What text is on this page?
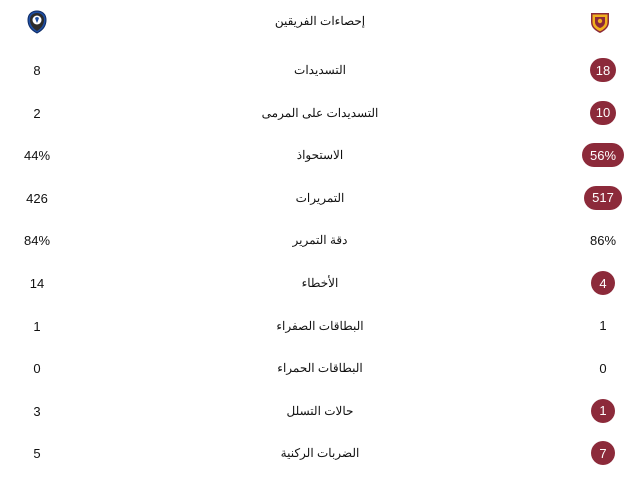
إحصاءات الفريقين
8	التسديدات	18
2	التسديدات على المرمى	10
44%	الاستحواذ	56%
426	التمريرات	517
84%	دقة التمرير	86%
14	الأخطاء	4
1	البطاقات الصفراء	1
0	البطاقات الحمراء	0
3	حالات التسلل	1
5	الضربات الركنية	7
